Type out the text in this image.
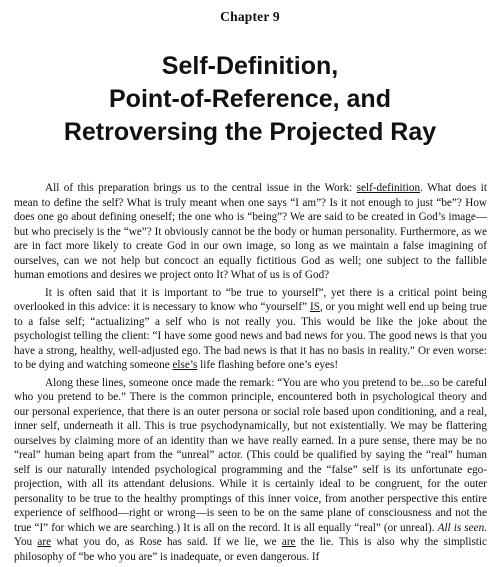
Chapter 9
Self-Definition,
Point-of-Reference, and
Retroversing the Projected Ray

All of this preparation brings us to the central issue in the Work: self-definition. What does it mean to define the self? What is truly meant when one says “I am”? Is it not enough to just “be”? How does one go about defining oneself; the one who is “being”? We are said to be created in God’s image—but who precisely is the “we”? It obviously cannot be the body or human personality. Furthermore, as we are in fact more likely to create God in our own image, so long as we maintain a false imagining of ourselves, can we not help but concoct an equally fictitious God as well; one subject to the fallible human emotions and desires we project onto It? What of us is of God?

It is often said that it is important to “be true to yourself”, yet there is a critical point being overlooked in this advice: it is necessary to know who “yourself” IS, or you might well end up being true to a false self; “actualizing” a self who is not really you. This would be like the joke about the psychologist telling the client: “I have some good news and bad news for you. The good news is that you have a strong, healthy, well-adjusted ego. The bad news is that it has no basis in reality.” Or even worse: to be dying and watching someone else’s life flashing before one’s eyes!

Along these lines, someone once made the remark: “You are who you pretend to be...so be careful who you pretend to be.” There is the common principle, encountered both in psychological theory and our personal experience, that there is an outer persona or social role based upon conditioning, and a real, inner self, underneath it all. This is true psychodynamically, but not existentially. We may be flattering ourselves by claiming more of an identity than we have really earned. In a pure sense, there may be no “real” human being apart from the “unreal” actor. (This could be qualified by saying the “real” human self is our naturally intended psychological programming and the “false” self is its unfortunate ego-projection, with all its attendant delusions. While it is certainly ideal to be congruent, for the outer personality to be true to the healthy promptings of this inner voice, from another perspective this entire experience of selfhood—right or wrong—is seen to be on the same plane of consciousness and not the true “I” for which we are searching.) It is all on the record. It is all equally “real” (or unreal). All is seen. You are what you do, as Rose has said. If we lie, we are the lie. This is also why the simplistic philosophy of “be who you are” is inadequate, or even dangerous. If
